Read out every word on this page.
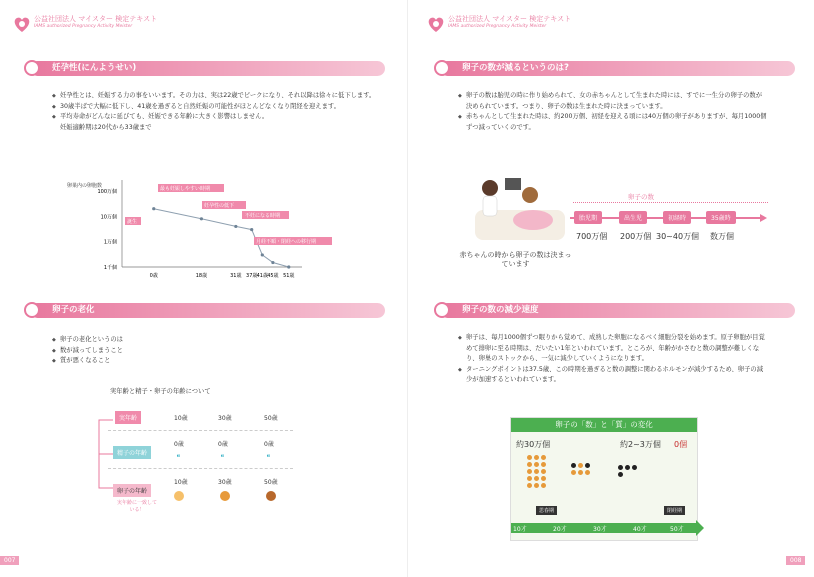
公益社団法人 マイスター 検定テキスト
IAMS authorized Pregnancy Activity Meister
妊孕性(にんようせい)
◆ 妊孕性とは、妊娠する力の事をいいます。その力は、実は22歳でピークになり、それ以降は徐々に低下します。
◆ 30歳半ばで大幅に低下し、41歳を過ぎると自然妊娠の可能性がほとんどなくなり閉経を迎えます。
◆ 平均寿命がどんなに延びても、妊娠できる年齢に大きく影響はしません。
妊娠適齢期は20代から33歳まで
卵巣内の卵胞数
100万個
10万個
1万個
1千個
0歳	18歳	31歳 37歳 41歳 45歳 51歳
誕生
最も妊娠しやすい時期
妊孕性の低下
不妊になる時期
月経不順・閉経への移行期
卵子の老化
◆ 卵子の老化というのは
◆ 数が減ってしまうこと
◆ 質が悪くなること
実年齢と精子・卵子の年齢について
実年齢	10歳	30歳	50歳
精子の年齢
0歳	0歳	0歳
⁌	⁌	⁌
卵子の年齢
10歳	30歳	50歳
実年齢に一致している！
007
公益社団法人 マイスター 検定テキスト
IAMS authorized Pregnancy Activity Meister
卵子の数が減るというのは?
◆ 卵子の数は胎児の時に作り始められて、女の赤ちゃんとして生まれた時には、すでに一生分の卵子の数が 決められています。つまり、卵子の数は生まれた時に決まっています。
◆ 赤ちゃんとして生まれた時は、約200万個、初経を迎える頃には40万個の卵子がありますが、毎月1000個ずつ減っていくのです。
赤ちゃんの時から卵子の数は決まっています
卵子の数
胎児期	出生児	初経時	35歳時
700万個 200万個 30~40万個 数万個
卵子の数の減少速度
◆ 卵子は、毎月1000個ずつ眠りから覚めて、成熟した卵胞になるべく細胞分裂を始めます。原子卵胞が目覚めて排卵に至る時期は、だいたい1年といわれています。ところが、年齢がかさむと数の調整が難しくなり、卵巣のストックから、一気に減少していくようになります。
◆ ターニングポイントは37.5歳、この時期を過ぎると数の調整に関わるホルモンが減少するため、卵子の減少が加速するといわれています。
卵子の「数」と「質」の変化
約30万個	約2~3万個 0個
10才	20才	30才	40才	50才
思春期	閉経期
008
